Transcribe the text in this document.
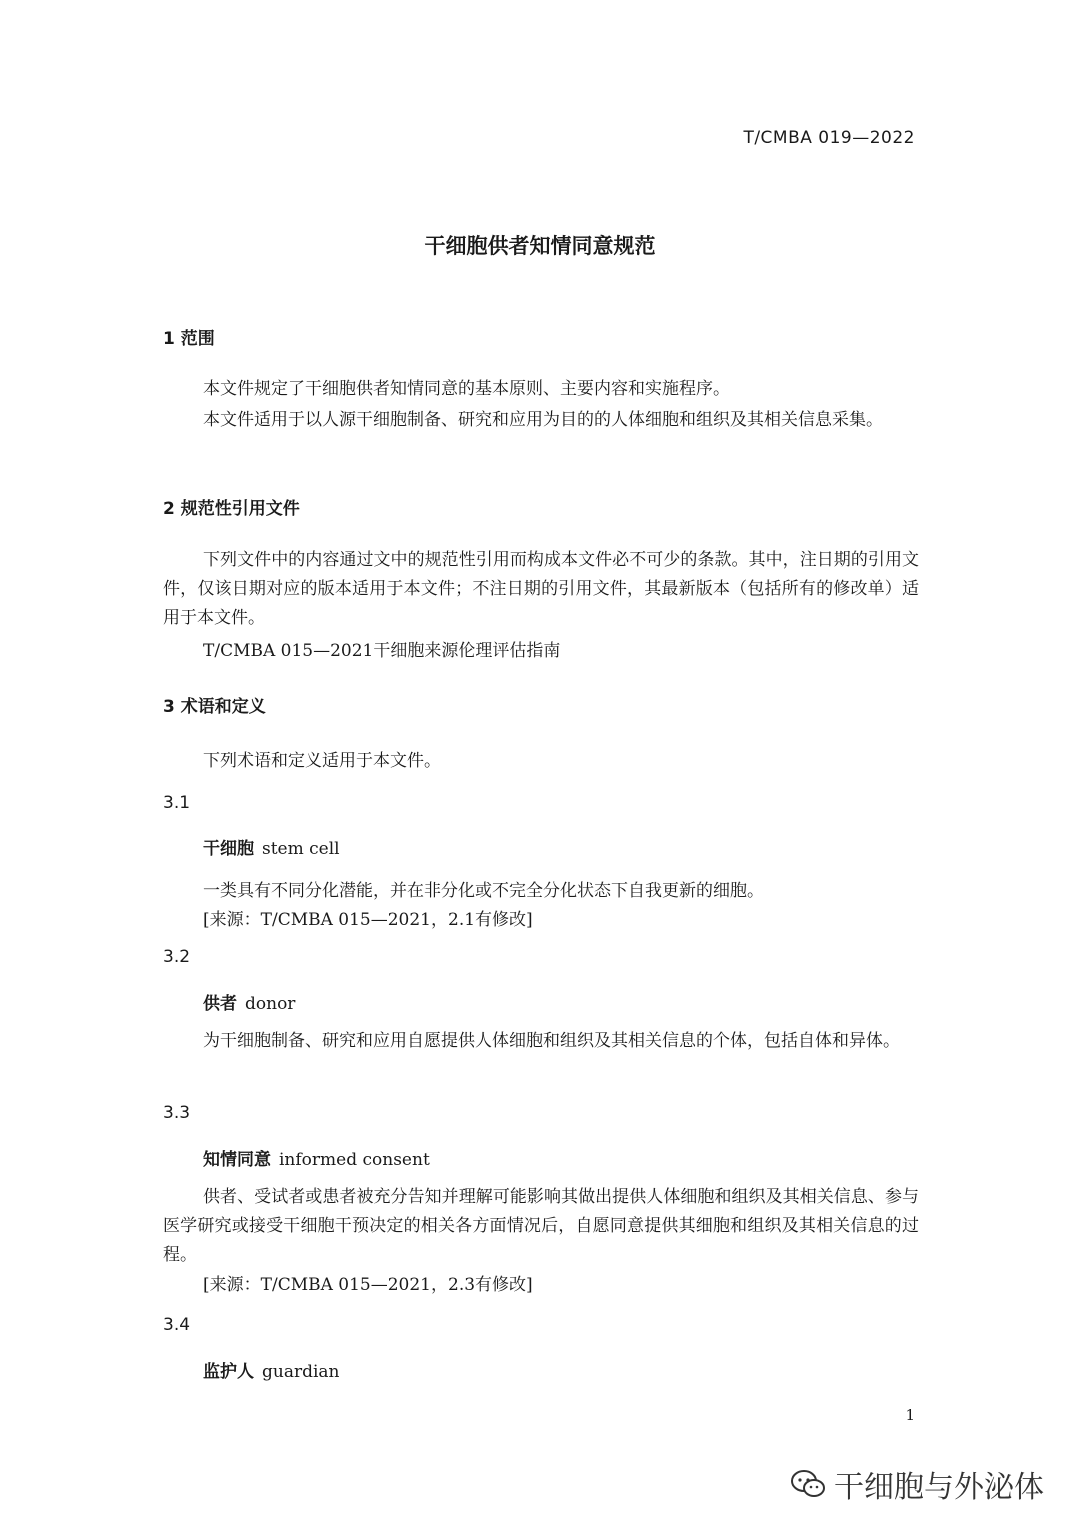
T/CMBA 019—2022
干细胞供者知情同意规范
1 范围

本文件规定了干细胞供者知情同意的基本原则、主要内容和实施程序。

本文件适用于以人源干细胞制备、研究和应用为目的的人体细胞和组织及其相关信息采集。

2 规范性引用文件

下列文件中的内容通过文中的规范性引用而构成本文件必不可少的条款。其中，注日期的引用文件，仅该日期对应的版本适用于本文件；不注日期的引用文件，其最新版本（包括所有的修改单）适用于本文件。

T/CMBA 015—2021干细胞来源伦理评估指南
3 术语和定义
下列术语和定义适用于本文件。
3.1
干细胞 stem cell
一类具有不同分化潜能，并在非分化或不完全分化状态下自我更新的细胞。
[来源：T/CMBA 015—2021，2.1有修改]
3.2
供者 donor

为干细胞制备、研究和应用自愿提供人体细胞和组织及其相关信息的个体，包括自体和异体。

3.3
知情同意 informed consent

供者、受试者或患者被充分告知并理解可能影响其做出提供人体细胞和组织及其相关信息、参与医学研究或接受干细胞干预决定的相关各方面情况后，自愿同意提供其细胞和组织及其相关信息的过程。

[来源：T/CMBA 015—2021，2.3有修改]
3.4
监护人 guardian
1
干细胞与外泌体
